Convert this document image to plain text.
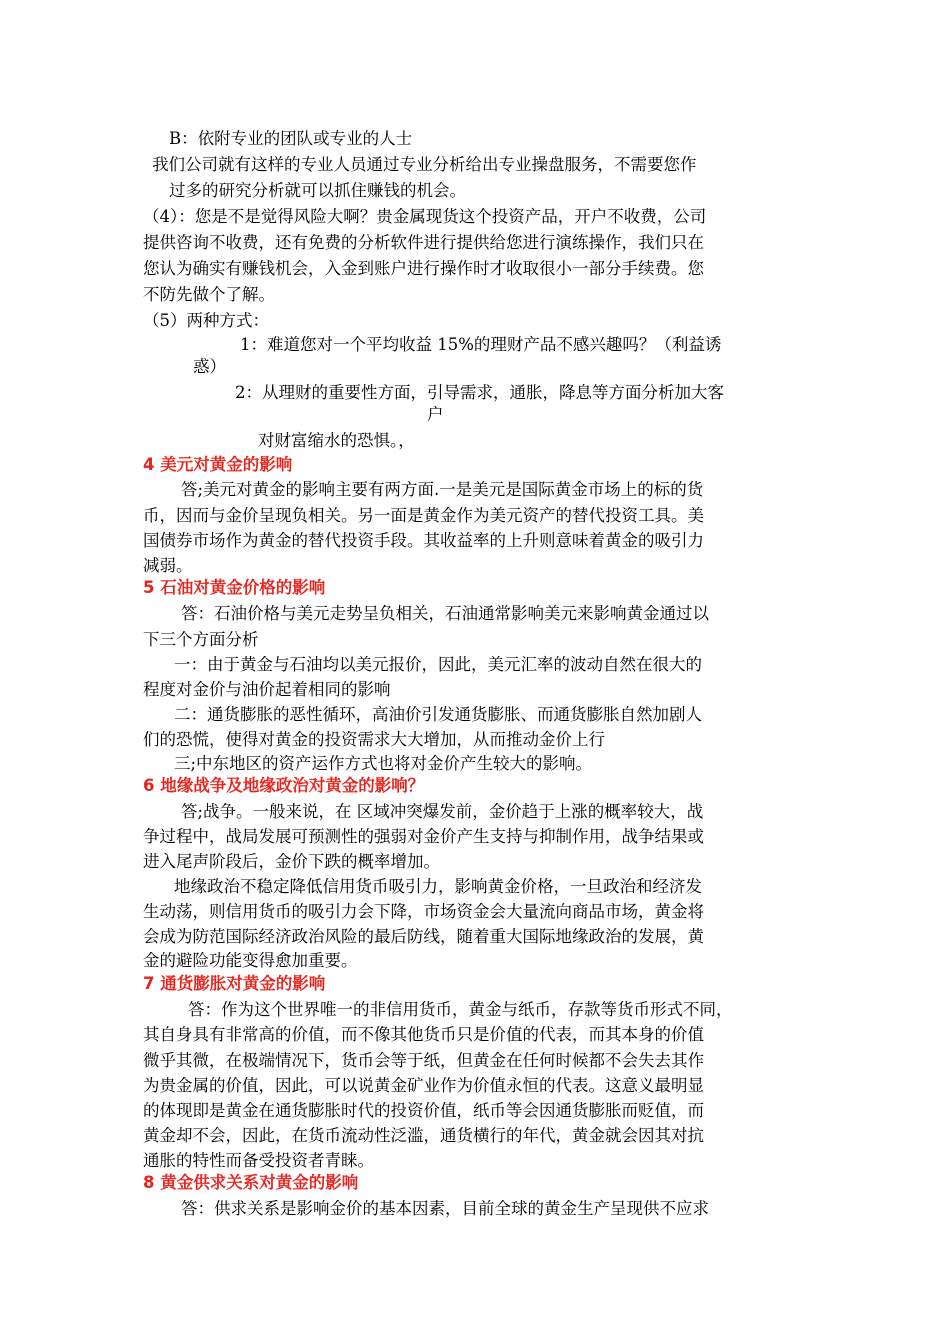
B：依附专业的团队或专业的人士
我们公司就有这样的专业人员通过专业分析给出专业操盘服务，不需要您作
过多的研究分析就可以抓住赚钱的机会。
（4）：您是不是觉得风险大啊？贵金属现货这个投资产品，开户不收费，公司
提供咨询不收费，还有免费的分析软件进行提供给您进行演练操作，我们只在
您认为确实有赚钱机会，入金到账户进行操作时才收取很小一部分手续费。您
不防先做个了解。
（5）两种方式：
1：难道您对一个平均收益 15%的理财产品不感兴趣吗？（利益诱
惑）
2：从理财的重要性方面，引导需求，通胀，降息等方面分析加大客
户
对财富缩水的恐惧。，
4 美元对黄金的影响
答;美元对黄金的影响主要有两方面.一是美元是国际黄金市场上的标的货
币，因而与金价呈现负相关。另一面是黄金作为美元资产的替代投资工具。美
国债券市场作为黄金的替代投资手段。其收益率的上升则意味着黄金的吸引力
减弱。
5 石油对黄金价格的影响
答：石油价格与美元走势呈负相关，石油通常影响美元来影响黄金通过以
下三个方面分析
一：由于黄金与石油均以美元报价，因此，美元汇率的波动自然在很大的
程度对金价与油价起着相同的影响
二：通货膨胀的恶性循环，高油价引发通货膨胀、而通货膨胀自然加剧人
们的恐慌，使得对黄金的投资需求大大增加，从而推动金价上行
三;中东地区的资产运作方式也将对金价产生较大的影响。
6 地缘战争及地缘政治对黄金的影响？
答;战争。一般来说，在 区域冲突爆发前，金价趋于上涨的概率较大，战
争过程中，战局发展可预测性的强弱对金价产生支持与抑制作用，战争结果或
进入尾声阶段后，金价下跌的概率增加。
地缘政治不稳定降低信用货币吸引力，影响黄金价格，一旦政治和经济发
生动荡，则信用货币的吸引力会下降，市场资金会大量流向商品市场，黄金将
会成为防范国际经济政治风险的最后防线，随着重大国际地缘政治的发展，黄
金的避险功能变得愈加重要。
7 通货膨胀对黄金的影响
答：作为这个世界唯一的非信用货币，黄金与纸币，存款等货币形式不同，
其自身具有非常高的价值，而不像其他货币只是价值的代表，而其本身的价值
微乎其微，在极端情况下，货币会等于纸，但黄金在任何时候都不会失去其作
为贵金属的价值，因此，可以说黄金矿业作为价值永恒的代表。这意义最明显
的体现即是黄金在通货膨胀时代的投资价值，纸币等会因通货膨胀而贬值，而
黄金却不会，因此，在货币流动性泛滥，通货横行的年代，黄金就会因其对抗
通胀的特性而备受投资者青睐。
8 黄金供求关系对黄金的影响
答：供求关系是影响金价的基本因素，目前全球的黄金生产呈现供不应求
